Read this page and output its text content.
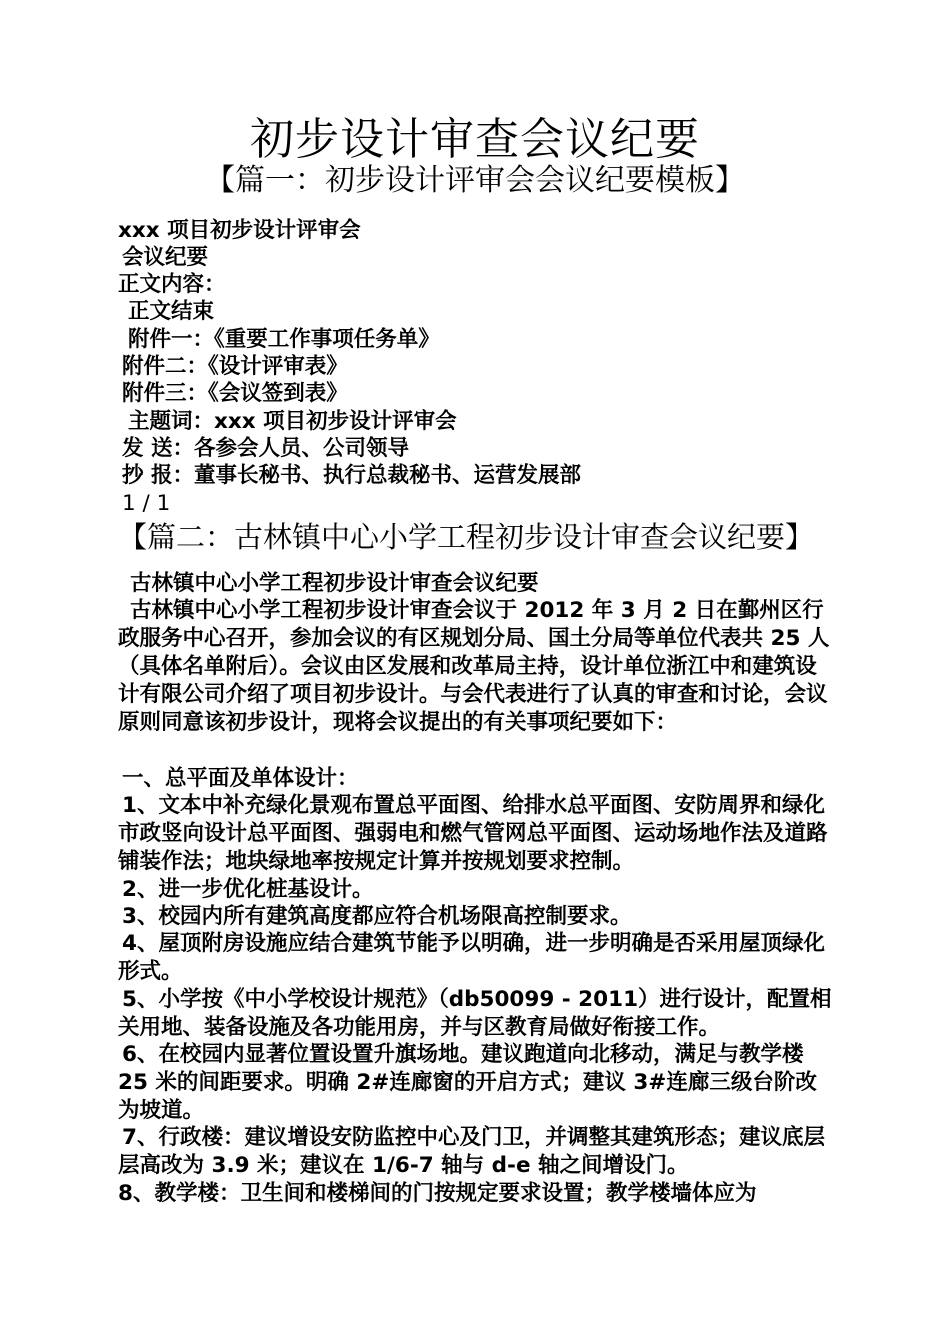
初步设计审查会议纪要
【篇一：初步设计评审会会议纪要模板】
xxx 项目初步设计评审会
会议纪要
正文内容：
正文结束
附件一：《重要工作事项任务单》
附件二：《设计评审表》
附件三：《会议签到表》
主题词：xxx 项目初步设计评审会
发 送：各参会人员、公司领导
抄 报：董事长秘书、执行总裁秘书、运营发展部
1 / 1
【篇二：古林镇中心小学工程初步设计审查会议纪要】
古林镇中心小学工程初步设计审查会议纪要
古林镇中心小学工程初步设计审查会议于 2012 年 3 月 2 日在鄞州区行政服务中心召开，参加会议的有区规划分局、国土分局等单位代表共 25 人（具体名单附后）。会议由区发展和改革局主持，设计单位浙江中和建筑设计有限公司介绍了项目初步设计。与会代表进行了认真的审查和讨论，会议原则同意该初步设计，现将会议提出的有关事项纪要如下：
一、总平面及单体设计：
1、文本中补充绿化景观布置总平面图、给排水总平面图、安防周界和绿化市政竖向设计总平面图、强弱电和燃气管网总平面图、运动场地作法及道路铺装作法；地块绿地率按规定计算并按规划要求控制。
2、进一步优化桩基设计。
3、校园内所有建筑高度都应符合机场限高控制要求。
4、屋顶附房设施应结合建筑节能予以明确，进一步明确是否采用屋顶绿化形式。
5、小学按《中小学校设计规范》（db50099 - 2011）进行设计，配置相关用地、装备设施及各功能用房，并与区教育局做好衔接工作。
6、在校园内显著位置设置升旗场地。建议跑道向北移动，满足与教学楼 25 米的间距要求。明确 2#连廊窗的开启方式；建议 3#连廊三级台阶改为坡道。
7、行政楼：建议增设安防监控中心及门卫，并调整其建筑形态；建议底层层高改为 3.9 米；建议在 1/6-7 轴与 d-e 轴之间增设门。
8、教学楼：卫生间和楼梯间的门按规定要求设置；教学楼墙体应为
